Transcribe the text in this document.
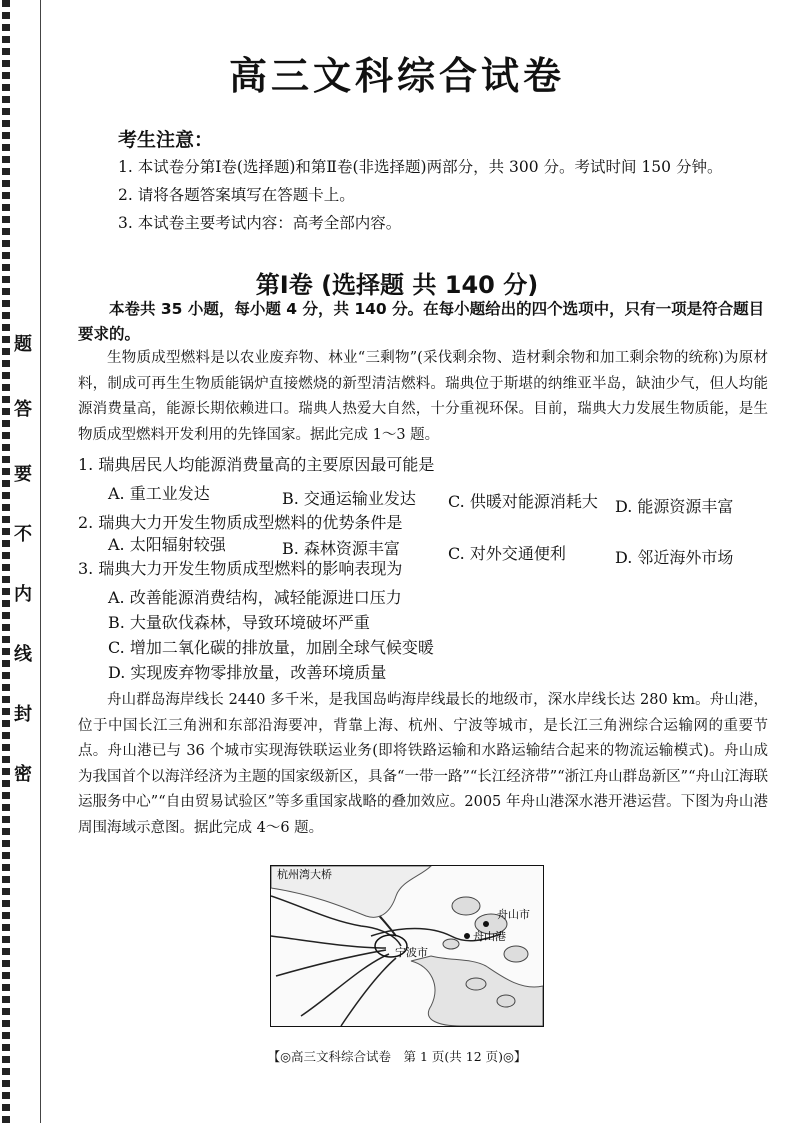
题
答
要
不
内
线
封
密
高三文科综合试卷
考生注意：
1. 本试卷分第Ⅰ卷(选择题)和第Ⅱ卷(非选择题)两部分，共 300 分。考试时间 150 分钟。
2. 请将各题答案填写在答题卡上。
3. 本试卷主要考试内容：高考全部内容。
第Ⅰ卷 (选择题 共 140 分)
本卷共 35 小题，每小题 4 分，共 140 分。在每小题给出的四个选项中，只有一项是符合题目要求的。
生物质成型燃料是以农业废弃物、林业“三剩物”(采伐剩余物、造材剩余物和加工剩余物的统称)为原材料，制成可再生生物质能锅炉直接燃烧的新型清洁燃料。瑞典位于斯堪的纳维亚半岛，缺油少气，但人均能源消费量高，能源长期依赖进口。瑞典人热爱大自然，十分重视环保。目前，瑞典大力发展生物质能，是生物质成型燃料开发利用的先锋国家。据此完成 1～3 题。
1. 瑞典居民人均能源消费量高的主要原因最可能是
A. 重工业发达	B. 交通运输业发达 C. 供暖对能源消耗大 D. 能源资源丰富
2. 瑞典大力开发生物质成型燃料的优势条件是
A. 太阳辐射较强	B. 森林资源丰富	C. 对外交通便利	D. 邻近海外市场
3. 瑞典大力开发生物质成型燃料的影响表现为
A. 改善能源消费结构，减轻能源进口压力
B. 大量砍伐森林，导致环境破坏严重
C. 增加二氧化碳的排放量，加剧全球气候变暖
D. 实现废弃物零排放量，改善环境质量
舟山群岛海岸线长 2440 多千米，是我国岛屿海岸线最长的地级市，深水岸线长达 280 km。舟山港，位于中国长江三角洲和东部沿海要冲，背靠上海、杭州、宁波等城市，是长江三角洲综合运输网的重要节点。舟山港已与 36 个城市实现海铁联运业务(即将铁路运输和水路运输结合起来的物流运输模式)。舟山成为我国首个以海洋经济为主题的国家级新区，具备“一带一路”“长江经济带”“浙江舟山群岛新区”“舟山江海联运服务中心”“自由贸易试验区”等多重国家战略的叠加效应。2005 年舟山港深水港开港运营。下图为舟山港周围海域示意图。据此完成 4～6 题。
杭州湾大桥
宁波市
舟山市
舟山港
【◎高三文科综合试卷　第 1 页(共 12 页)◎】
